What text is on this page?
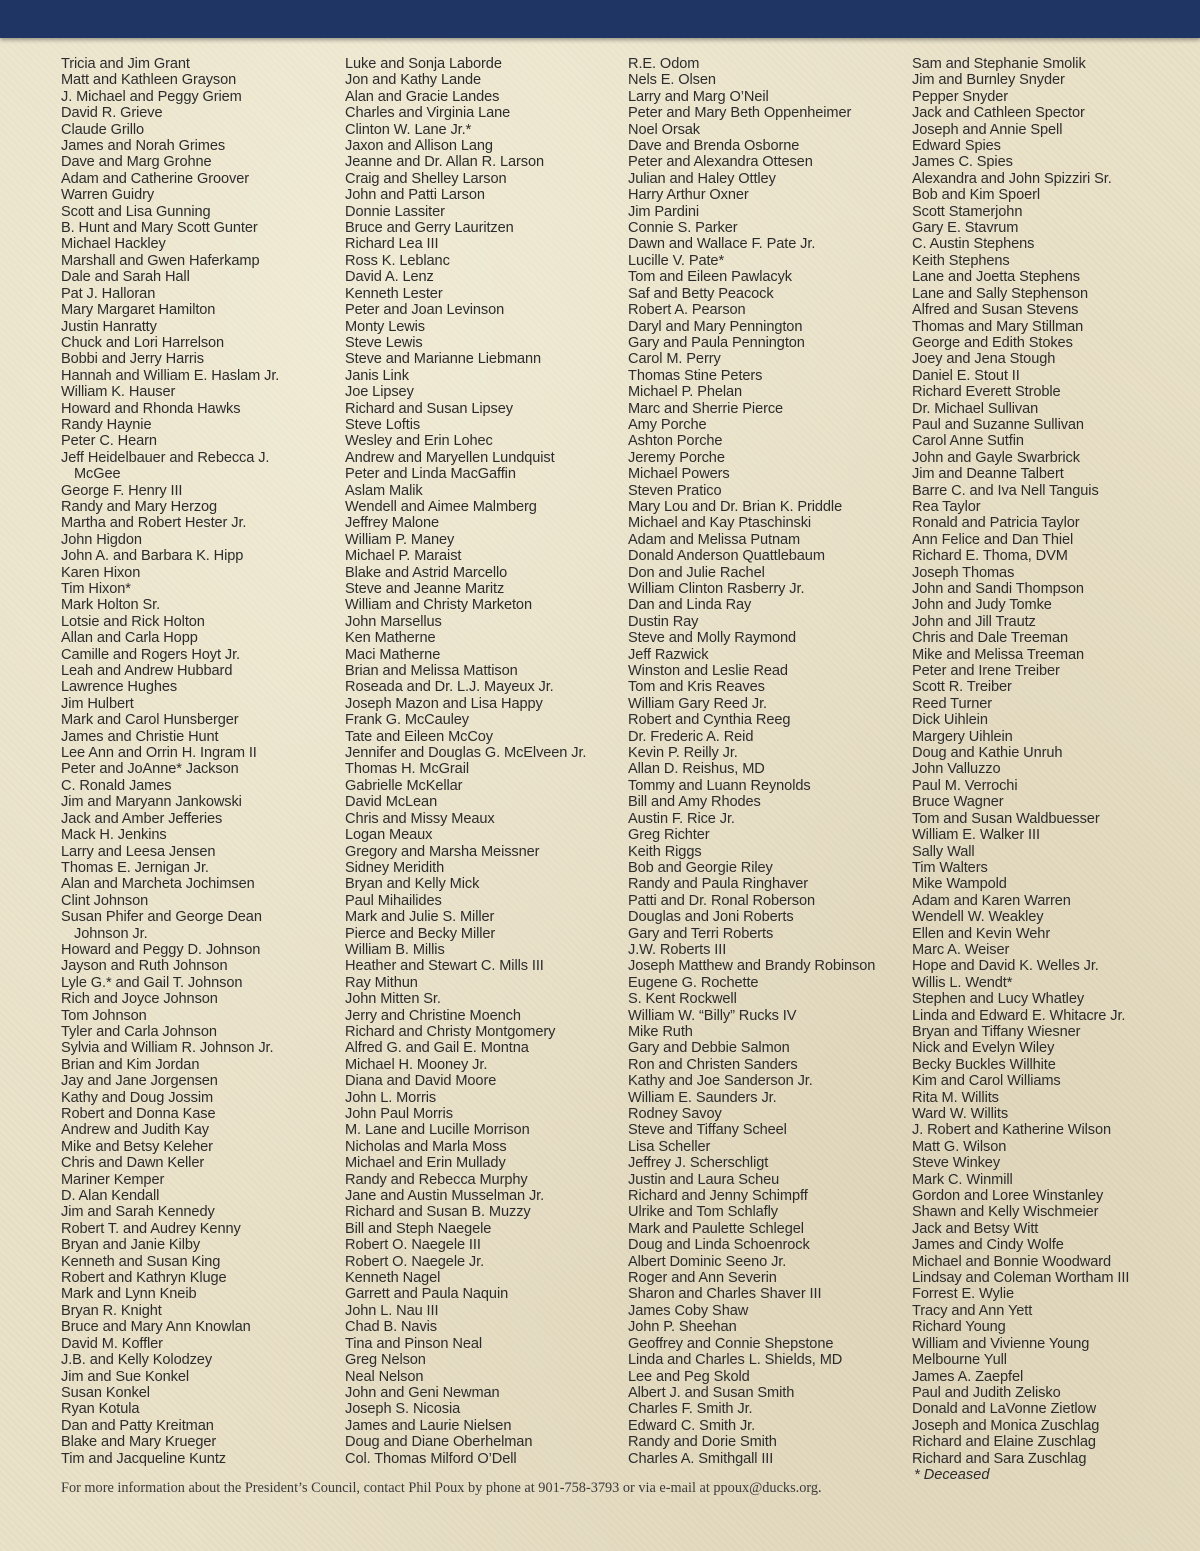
Tricia and Jim Grant
Matt and Kathleen Grayson
J. Michael and Peggy Griem
David R. Grieve
Claude Grillo
James and Norah Grimes
Dave and Marg Grohne
Adam and Catherine Groover
Warren Guidry
Scott and Lisa Gunning
B. Hunt and Mary Scott Gunter
Michael Hackley
Marshall and Gwen Haferkamp
Dale and Sarah Hall
Pat J. Halloran
Mary Margaret Hamilton
Justin Hanratty
Chuck and Lori Harrelson
Bobbi and Jerry Harris
Hannah and William E. Haslam Jr.
William K. Hauser
Howard and Rhonda Hawks
Randy Haynie
Peter C. Hearn
Jeff Heidelbauer and Rebecca J. McGee
George F. Henry III
Randy and Mary Herzog
Martha and Robert Hester Jr.
John Higdon
John A. and Barbara K. Hipp
Karen Hixon
Tim Hixon*
Mark Holton Sr.
Lotsie and Rick Holton
Allan and Carla Hopp
Camille and Rogers Hoyt Jr.
Leah and Andrew Hubbard
Lawrence Hughes
Jim Hulbert
Mark and Carol Hunsberger
James and Christie Hunt
Lee Ann and Orrin H. Ingram II
Peter and JoAnne* Jackson
C. Ronald James
Jim and Maryann Jankowski
Jack and Amber Jefferies
Mack H. Jenkins
Larry and Leesa Jensen
Thomas E. Jernigan Jr.
Alan and Marcheta Jochimsen
Clint Johnson
Susan Phifer and George Dean Johnson Jr.
Howard and Peggy D. Johnson
Jayson and Ruth Johnson
Lyle G.* and Gail T. Johnson
Rich and Joyce Johnson
Tom Johnson
Tyler and Carla Johnson
Sylvia and William R. Johnson Jr.
Brian and Kim Jordan
Jay and Jane Jorgensen
Kathy and Doug Jossim
Robert and Donna Kase
Andrew and Judith Kay
Mike and Betsy Keleher
Chris and Dawn Keller
Mariner Kemper
D. Alan Kendall
Jim and Sarah Kennedy
Robert T. and Audrey Kenny
Bryan and Janie Kilby
Kenneth and Susan King
Robert and Kathryn Kluge
Mark and Lynn Kneib
Bryan R. Knight
Bruce and Mary Ann Knowlan
David M. Koffler
J.B. and Kelly Kolodzey
Jim and Sue Konkel
Susan Konkel
Ryan Kotula
Dan and Patty Kreitman
Blake and Mary Krueger
Tim and Jacqueline Kuntz
Luke and Sonja Laborde
Jon and Kathy Lande
Alan and Gracie Landes
Charles and Virginia Lane
Clinton W. Lane Jr.*
Jaxon and Allison Lang
Jeanne and Dr. Allan R. Larson
Craig and Shelley Larson
John and Patti Larson
Donnie Lassiter
Bruce and Gerry Lauritzen
Richard Lea III
Ross K. Leblanc
David A. Lenz
Kenneth Lester
Peter and Joan Levinson
Monty Lewis
Steve Lewis
Steve and Marianne Liebmann
Janis Link
Joe Lipsey
Richard and Susan Lipsey
Steve Loftis
Wesley and Erin Lohec
Andrew and Maryellen Lundquist
Peter and Linda MacGaffin
Aslam Malik
Wendell and Aimee Malmberg
Jeffrey Malone
William P. Maney
Michael P. Maraist
Blake and Astrid Marcello
Steve and Jeanne Maritz
William and Christy Marketon
John Marsellus
Ken Matherne
Maci Matherne
Brian and Melissa Mattison
Roseada and Dr. L.J. Mayeux Jr.
Joseph Mazon and Lisa Happy
Frank G. McCauley
Tate and Eileen McCoy
Jennifer and Douglas G. McElveen Jr.
Thomas H. McGrail
Gabrielle McKellar
David McLean
Chris and Missy Meaux
Logan Meaux
Gregory and Marsha Meissner
Sidney Meridith
Bryan and Kelly Mick
Paul Mihailides
Mark and Julie S. Miller
Pierce and Becky Miller
William B. Millis
Heather and Stewart C. Mills III
Ray Mithun
John Mitten Sr.
Jerry and Christine Moench
Richard and Christy Montgomery
Alfred G. and Gail E. Montna
Michael H. Mooney Jr.
Diana and David Moore
John L. Morris
John Paul Morris
M. Lane and Lucille Morrison
Nicholas and Marla Moss
Michael and Erin Mullady
Randy and Rebecca Murphy
Jane and Austin Musselman Jr.
Richard and Susan B. Muzzy
Bill and Steph Naegele
Robert O. Naegele III
Robert O. Naegele Jr.
Kenneth Nagel
Garrett and Paula Naquin
John L. Nau III
Chad B. Navis
Tina and Pinson Neal
Greg Nelson
Neal Nelson
John and Geni Newman
Joseph S. Nicosia
James and Laurie Nielsen
Doug and Diane Oberhelman
Col. Thomas Milford O’Dell
R.E. Odom
Nels E. Olsen
Larry and Marg O’Neil
Peter and Mary Beth Oppenheimer
Noel Orsak
Dave and Brenda Osborne
Peter and Alexandra Ottesen
Julian and Haley Ottley
Harry Arthur Oxner
Jim Pardini
Connie S. Parker
Dawn and Wallace F. Pate Jr.
Lucille V. Pate*
Tom and Eileen Pawlacyk
Saf and Betty Peacock
Robert A. Pearson
Daryl and Mary Pennington
Gary and Paula Pennington
Carol M. Perry
Thomas Stine Peters
Michael P. Phelan
Marc and Sherrie Pierce
Amy Porche
Ashton Porche
Jeremy Porche
Michael Powers
Steven Pratico
Mary Lou and Dr. Brian K. Priddle
Michael and Kay Ptaschinski
Adam and Melissa Putnam
Donald Anderson Quattlebaum
Don and Julie Rachel
William Clinton Rasberry Jr.
Dan and Linda Ray
Dustin Ray
Steve and Molly Raymond
Jeff Razwick
Winston and Leslie Read
Tom and Kris Reaves
William Gary Reed Jr.
Robert and Cynthia Reeg
Dr. Frederic A. Reid
Kevin P. Reilly Jr.
Allan D. Reishus, MD
Tommy and Luann Reynolds
Bill and Amy Rhodes
Austin F. Rice Jr.
Greg Richter
Keith Riggs
Bob and Georgie Riley
Randy and Paula Ringhaver
Patti and Dr. Ronal Roberson
Douglas and Joni Roberts
Gary and Terri Roberts
J.W. Roberts III
Joseph Matthew and Brandy Robinson
Eugene G. Rochette
S. Kent Rockwell
William W. “Billy” Rucks IV
Mike Ruth
Gary and Debbie Salmon
Ron and Christen Sanders
Kathy and Joe Sanderson Jr.
William E. Saunders Jr.
Rodney Savoy
Steve and Tiffany Scheel
Lisa Scheller
Jeffrey J. Scherschligt
Justin and Laura Scheu
Richard and Jenny Schimpff
Ulrike and Tom Schlafly
Mark and Paulette Schlegel
Doug and Linda Schoenrock
Albert Dominic Seeno Jr.
Roger and Ann Severin
Sharon and Charles Shaver III
James Coby Shaw
John P. Sheehan
Geoffrey and Connie Shepstone
Linda and Charles L. Shields, MD
Lee and Peg Skold
Albert J. and Susan Smith
Charles F. Smith Jr.
Edward C. Smith Jr.
Randy and Dorie Smith
Charles A. Smithgall III
Sam and Stephanie Smolik
Jim and Burnley Snyder
Pepper Snyder
Jack and Cathleen Spector
Joseph and Annie Spell
Edward Spies
James C. Spies
Alexandra and John Spizziri Sr.
Bob and Kim Spoerl
Scott Stamerjohn
Gary E. Stavrum
C. Austin Stephens
Keith Stephens
Lane and Joetta Stephens
Lane and Sally Stephenson
Alfred and Susan Stevens
Thomas and Mary Stillman
George and Edith Stokes
Joey and Jena Stough
Daniel E. Stout II
Richard Everett Stroble
Dr. Michael Sullivan
Paul and Suzanne Sullivan
Carol Anne Sutfin
John and Gayle Swarbrick
Jim and Deanne Talbert
Barre C. and Iva Nell Tanguis
Rea Taylor
Ronald and Patricia Taylor
Ann Felice and Dan Thiel
Richard E. Thoma, DVM
Joseph Thomas
John and Sandi Thompson
John and Judy Tomke
John and Jill Trautz
Chris and Dale Treeman
Mike and Melissa Treeman
Peter and Irene Treiber
Scott R. Treiber
Reed Turner
Dick Uihlein
Margery Uihlein
Doug and Kathie Unruh
John Valluzzo
Paul M. Verrochi
Bruce Wagner
Tom and Susan Waldbuesser
William E. Walker III
Sally Wall
Tim Walters
Mike Wampold
Adam and Karen Warren
Wendell W. Weakley
Ellen and Kevin Wehr
Marc A. Weiser
Hope and David K. Welles Jr.
Willis L. Wendt*
Stephen and Lucy Whatley
Linda and Edward E. Whitacre Jr.
Bryan and Tiffany Wiesner
Nick and Evelyn Wiley
Becky Buckles Willhite
Kim and Carol Williams
Rita M. Willits
Ward W. Willits
J. Robert and Katherine Wilson
Matt G. Wilson
Steve Winkey
Mark C. Winmill
Gordon and Loree Winstanley
Shawn and Kelly Wischmeier
Jack and Betsy Witt
James and Cindy Wolfe
Michael and Bonnie Woodward
Lindsay and Coleman Wortham III
Forrest E. Wylie
Tracy and Ann Yett
Richard Young
William and Vivienne Young
Melbourne Yull
James A. Zaepfel
Paul and Judith Zelisko
Donald and LaVonne Zietlow
Joseph and Monica Zuschlag
Richard and Elaine Zuschlag
Richard and Sara Zuschlag
* Deceased
For more information about the President’s Council, contact Phil Poux by phone at 901-758-3793 or via e-mail at ppoux@ducks.org.
